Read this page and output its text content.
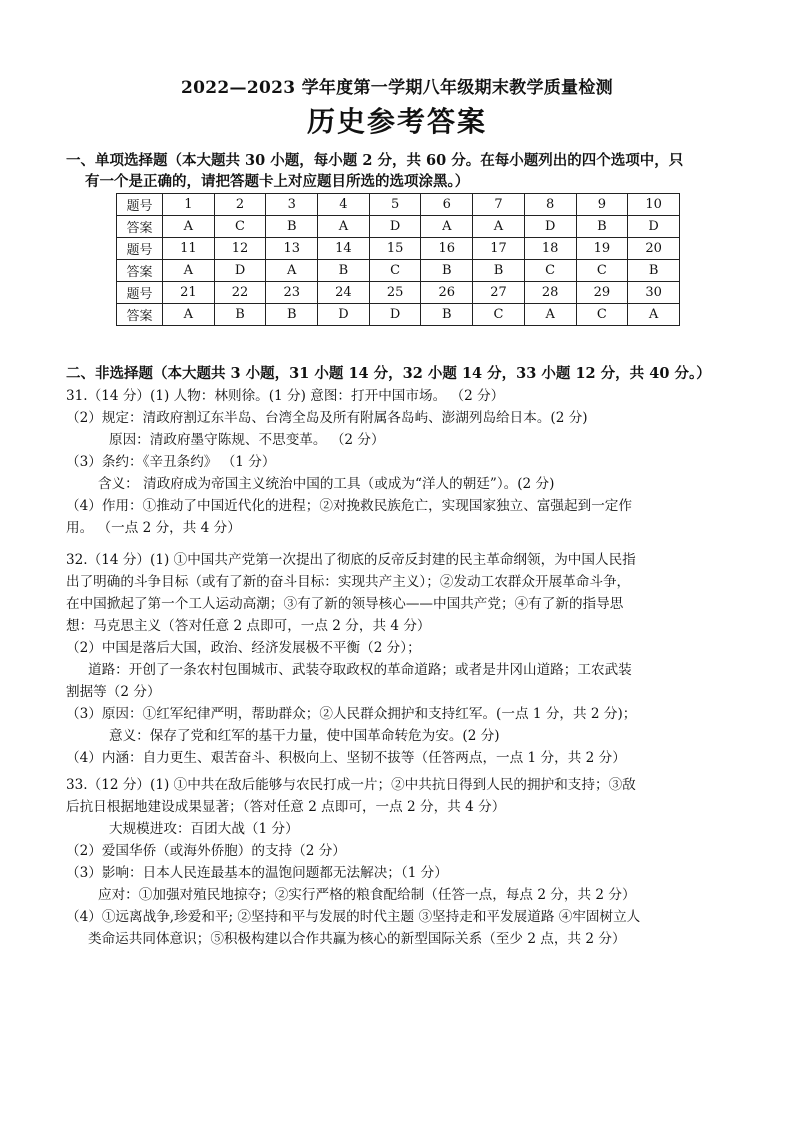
2022—2023 学年度第一学期八年级期末教学质量检测
历史参考答案
一、单项选择题（本大题共 30 小题，每小题 2 分，共 60 分。在每小题列出的四个选项中，只
有一个是正确的，请把答题卡上对应题目所选的选项涂黑。）
题号	1	2	3	4	5	6	7	8	9	10
答案	A	C	B	A	D	A	A	D	B	D
题号	11	12	13	14	15	16	17	18	19	20
答案	A	D	A	B	C	B	B	C	C	B
题号	21	22	23	24	25	26	27	28	29	30
答案	A	B	B	D	D	B	C	A	C	A
二、非选择题（本大题共 3 小题，31 小题 14 分，32 小题 14 分，33 小题 12 分，共 40 分。）
31.（14 分）(1) 人物：林则徐。(1 分) 意图：打开中国市场。 （2 分）
（2）规定：清政府割辽东半岛、台湾全岛及所有附属各岛屿、澎湖列岛给日本。(2 分)
原因：清政府墨守陈规、不思变革。 （2 分）
（3）条约：《辛丑条约》 （1 分）
含义： 清政府成为帝国主义统治中国的工具（或成为“洋人的朝廷”）。(2 分)
（4）作用：①推动了中国近代化的进程；②对挽救民族危亡，实现国家独立、富强起到一定作
用。 （一点 2 分，共 4 分）
32.（14 分）(1) ①中国共产党第一次提出了彻底的反帝反封建的民主革命纲领，为中国人民指
出了明确的斗争目标（或有了新的奋斗目标：实现共产主义）；②发动工农群众开展革命斗争，
在中国掀起了第一个工人运动高潮；③有了新的领导核心——中国共产党；④有了新的指导思
想：马克思主义（答对任意 2 点即可，一点 2 分，共 4 分）
（2）中国是落后大国，政治、经济发展极不平衡（2 分）；
道路：开创了一条农村包围城市、武装夺取政权的革命道路；或者是井冈山道路；工农武装
割据等（2 分）
（3）原因：①红军纪律严明，帮助群众；②人民群众拥护和支持红军。(一点 1 分，共 2 分)；
意义：保存了党和红军的基干力量，使中国革命转危为安。(2 分)
（4）内涵：自力更生、艰苦奋斗、积极向上、坚韧不拔等（任答两点，一点 1 分，共 2 分）
33.（12 分）(1) ①中共在敌后能够与农民打成一片；②中共抗日得到人民的拥护和支持；③敌
后抗日根据地建设成果显著；（答对任意 2 点即可，一点 2 分，共 4 分）
大规模进攻：百团大战（1 分）
（2）爱国华侨（或海外侨胞）的支持（2 分）
（3）影响：日本人民连最基本的温饱问题都无法解决；（1 分）
应对：①加强对殖民地掠夺；②实行严格的粮食配给制（任答一点，每点 2 分，共 2 分）
（4）①远离战争,珍爱和平; ②坚持和平与发展的时代主题 ③坚持走和平发展道路 ④牢固树立人
类命运共同体意识；⑤积极构建以合作共赢为核心的新型国际关系（至少 2 点，共 2 分）
